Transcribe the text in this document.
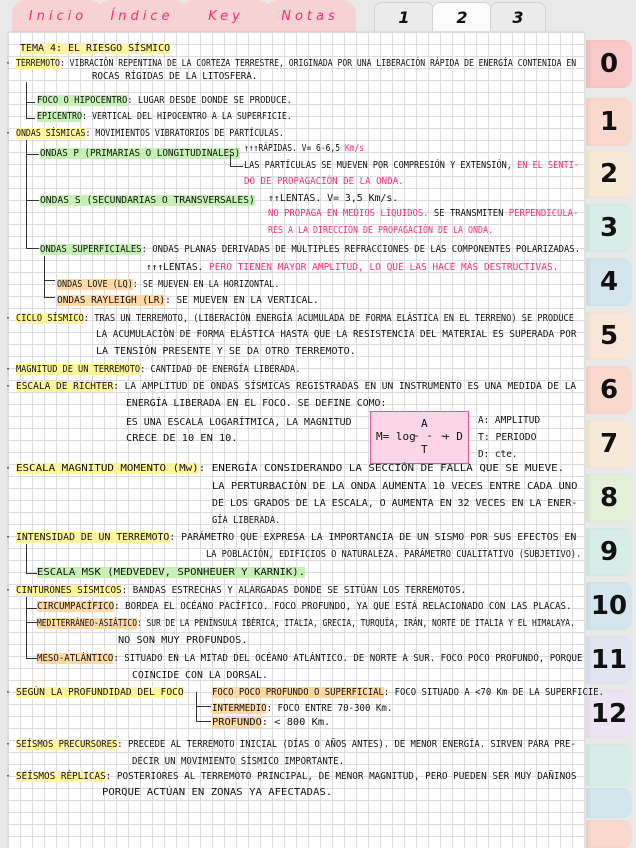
Inicio	Índice	Key	Notas	1	2	3
0
1
2
3
4
5
6
7
8
9
10
11
12
TEMA 4: EL RIESGO SÍSMICO
· TERREMOTO: VIBRACIÓN REPENTINA DE LA CORTEZA TERRESTRE, ORIGINADA POR UNA LIBERACIÓN RÁPIDA DE ENERGÍA CONTENIDA EN
ROCAS RÍGIDAS DE LA LITOSFERA.
FOCO O HIPOCENTRO: LUGAR DESDE DONDE SE PRODUCE.
EPICENTRO: VERTICAL DEL HIPOCENTRO A LA SUPERFICIE.
· ONDAS SÍSMICAS: MOVIMIENTOS VIBRATORIOS DE PARTÍCULAS.
ONDAS P (PRIMARIAS O LONGITUDINALES) ↑↑↑RÁPIDAS. V= 6-6,5 Km/s
LAS PARTÍCULAS SE MUEVEN POR COMPRESIÓN Y EXTENSIÓN, EN EL SENTI-
DO DE PROPAGACIÓN DE LA ONDA.
ONDAS S (SECUNDARIAS O TRANSVERSALES) ↑↑LENTAS. V= 3,5 Km/s.
NO PROPAGA EN MEDIOS LÍQUIDOS. SE TRANSMITEN PERPENDICULA-
RES A LA DIRECCIÓN DE PROPAGACIÓN DE LA ONDA.
ONDAS SUPERFICIALES: ONDAS PLANAS DERIVADAS DE MÚLTIPLES REFRACCIONES DE LAS COMPONENTES POLARIZADAS.
↑↑↑LENTAS. PERO TIENEN MAYOR AMPLITUD, LO QUE LAS HACE MÁS DESTRUCTIVAS.
ONDAS LOVE (LQ): SE MUEVEN EN LA HORIZONTAL.
ONDAS RAYLEIGH (LR): SE MUEVEN EN LA VERTICAL.
· CICLO SÍSMICO: TRAS UN TERREMOTO, (LIBERACIÓN ENERGÍA ACUMULADA DE FORMA ELÁSTICA EN EL TERRENO) SE PRODUCE
LA ACUMULACIÓN DE FORMA ELÁSTICA HASTA QUE LA RESISTENCIA DEL MATERIAL ES SUPERADA POR
LA TENSIÓN PRESENTE Y SE DA OTRO TERREMOTO.
· MAGNITUD DE UN TERREMOTO: CANTIDAD DE ENERGÍA LIBERADA.
· ESCALA DE RICHTER: LA AMPLITUD DE ONDAS SÍSMICAS REGISTRADAS EN UN INSTRUMENTO ES UNA MEDIDA DE LA
ENERGÍA LIBERADA EN EL FOCO. SE DEFINE COMO:
ES UNA ESCALA LOGARÍTMICA, LA MAGNITUD
CRECE DE 10 EN 10.	M= log
A
- - -
T
+ D
A: AMPLITUD
T: PERIODO
D: cte.
· ESCALA MAGNITUD MOMENTO (Mw): ENERGÍA CONSIDERANDO LA SECCIÓN DE FALLA QUE SE MUEVE.
LA PERTURBACIÓN DE LA ONDA AUMENTA 10 VECES ENTRE CADA UNO
DE LOS GRADOS DE LA ESCALA, O AUMENTA EN 32 VECES EN LA ENER-
GÍA LIBERADA.
· INTENSIDAD DE UN TERREMOTO: PARÁMETRO QUE EXPRESA LA IMPORTANCIA DE UN SISMO POR SUS EFECTOS EN
LA POBLACIÓN, EDIFICIOS O NATURALEZA. PARÁMETRO CUALITATIVO (SUBJETIVO).
ESCALA MSK (MEDVEDEV, SPONHEUER Y KARNIK).
· CINTURONES SÍSMICOS: BANDAS ESTRECHAS Y ALARGADAS DONDE SE SITÚAN LOS TERREMOTOS.
CIRCUMPACÍFICO: BORDEA EL OCÉANO PACÍFICO. FOCO PROFUNDO, YA QUE ESTÁ RELACIONADO CON LAS PLACAS.
MEDITERRÁNEO-ASIÁTICO: SUR DE LA PENÍNSULA IBÉRICA, ITALIA, GRECIA, TURQUÍA, IRÁN, NORTE DE ITALIA Y EL HIMALAYA.
NO SON MUY PROFUNDOS.
MESO-ATLÁNTICO: SITUADO EN LA MITAD DEL OCÉANO ATLÁNTICO. DE NORTE A SUR. FOCO POCO PROFUNDO, PORQUE
COINCIDE CON LA DORSAL.
· SEGÚN LA PROFUNDIDAD DEL FOCO	FOCO POCO PROFUNDO O SUPERFICIAL: FOCO SITUADO A <70 Km DE LA SUPERFICIE.
INTERMEDIO: FOCO ENTRE 70-300 Km.
PROFUNDO: < 800 Km.
· SEÍSMOS PRECURSORES: PRECEDE AL TERREMOTO INICIAL (DÍAS O AÑOS ANTES). DE MENOR ENERGÍA. SIRVEN PARA PRE-
DECIR UN MOVIMIENTO SÍSMICO IMPORTANTE.
· SEÍSMOS RÉPLICAS: POSTERIORES AL TERREMOTO PRINCIPAL, DE MENOR MAGNITUD, PERO PUEDEN SER MUY DAÑINOS
PORQUE ACTÚAN EN ZONAS YA AFECTADAS.
